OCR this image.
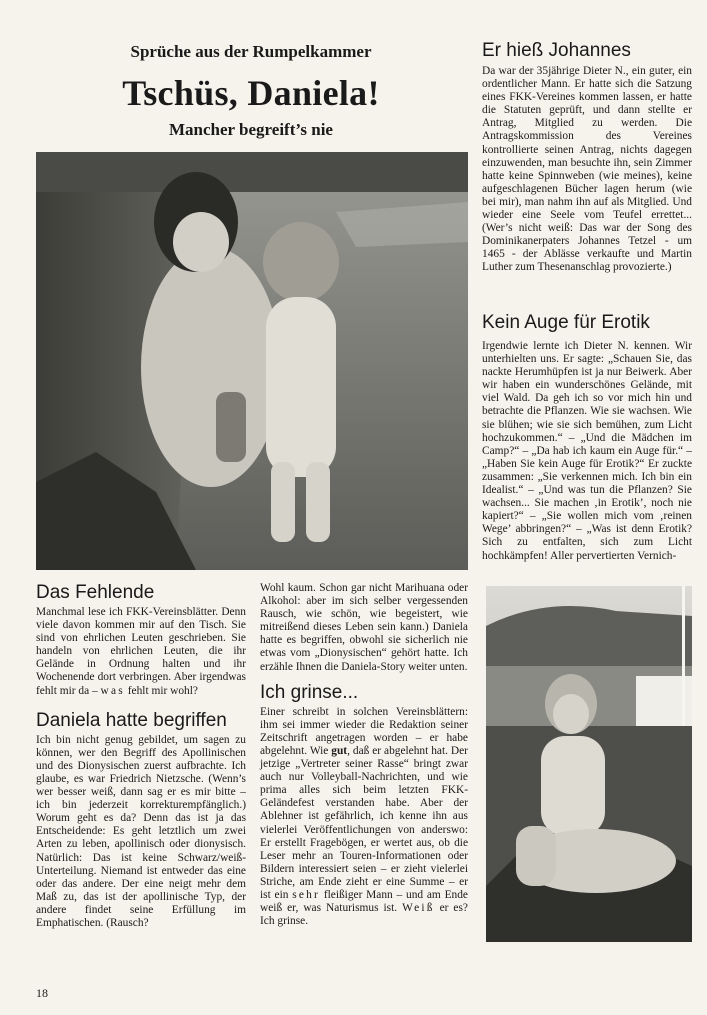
Sprüche aus der Rumpelkammer
Tschüs, Daniela!
Mancher begreift’s nie
Er hieß Johannes

Da war der 35jährige Dieter N., ein guter, ein ordentlicher Mann. Er hatte sich die Satzung eines FKK-Vereines kommen lassen, er hatte die Statuten geprüft, und dann stellte er Antrag, Mitglied zu werden. Die Antragskommission des Vereines kontrollierte seinen Antrag, nichts dagegen einzuwenden, man besuchte ihn, sein Zimmer hatte keine Spinnweben (wie meines), keine aufgeschlagenen Bücher lagen herum (wie bei mir), man nahm ihn auf als Mitglied. Und wieder eine Seele vom Teufel errettet... (Wer’s nicht weiß: Das war der Song des Dominikanerpaters Johannes Tetzel - um 1465 - der Ablässe verkaufte und Martin Luther zum Thesenanschlag provozierte.)

Kein Auge für Erotik

Irgendwie lernte ich Dieter N. kennen. Wir unterhielten uns. Er sagte: „Schauen Sie, das nackte Herumhüpfen ist ja nur Beiwerk. Aber wir haben ein wunderschönes Gelände, mit viel Wald. Da geh ich so vor mich hin und betrachte die Pflanzen. Wie sie wachsen. Wie sie blühen; wie sie sich bemühen, zum Licht hochzukommen.“ – „Und die Mädchen im Camp?“ – „Da hab ich kaum ein Auge für.“ – „Haben Sie kein Auge für Erotik?“ Er zuckte zusammen: „Sie verkennen mich. Ich bin ein Idealist.“ – „Und was tun die Pflanzen? Sie wachsen... Sie machen ‚in Erotik’, noch nie kapiert?“ – „Sie wollen mich vom ‚reinen Wege’ abbringen?“ – „Was ist denn Erotik? Sich zu entfalten, sich zum Licht hochkämpfen! Aller pervertierten Vernich-

Das Fehlende

Manchmal lese ich FKK-Vereinsblätter. Denn viele davon kommen mir auf den Tisch. Sie sind von ehrlichen Leuten geschrieben. Sie handeln von ehrlichen Leuten, die ihr Gelände in Ordnung halten und ihr Wochenende dort verbringen. Aber irgendwas fehlt mir da – was fehlt mir wohl?

Daniela hatte begriffen

Ich bin nicht genug gebildet, um sagen zu können, wer den Begriff des Apollinischen und des Dionysischen zuerst aufbrachte. Ich glaube, es war Friedrich Nietzsche. (Wenn’s wer besser weiß, dann sag er es mir bitte – ich bin jederzeit korrekturempfänglich.) Worum geht es da? Denn das ist ja das Entscheidende: Es geht letztlich um zwei Arten zu leben, apollinisch oder dionysisch. Natürlich: Das ist keine Schwarz/weiß-Unterteilung. Niemand ist entweder das eine oder das andere. Der eine neigt mehr dem Maß zu, das ist der apollinische Typ, der andere findet seine Erfüllung im Emphatischen. (Rausch?

Wohl kaum. Schon gar nicht Marihuana oder Alkohol: aber im sich selber vergessenden Rausch, wie schön, wie begeistert, wie mitreißend dieses Leben sein kann.) Daniela hatte es begriffen, obwohl sie sicherlich nie etwas vom „Dionysischen“ gehört hatte. Ich erzähle Ihnen die Daniela-Story weiter unten.

Ich grinse...

Einer schreibt in solchen Vereinsblättern: ihm sei immer wieder die Redaktion seiner Zeitschrift angetragen worden – er habe abgelehnt. Wie gut, daß er abgelehnt hat. Der jetzige „Vertreter seiner Rasse“ bringt zwar auch nur Volleyball-Nachrichten, und wie prima alles sich beim letzten FKK-Geländefest verstanden habe. Aber der Ablehner ist gefährlich, ich kenne ihn aus vielerlei Veröffentlichungen von anderswo: Er erstellt Fragebögen, er wertet aus, ob die Leser mehr an Touren-Informationen oder Bildern interessiert seien – er zieht vielerlei Striche, am Ende zieht er eine Summe – er ist ein sehr fleißiger Mann – und am Ende weiß er, was Naturismus ist. Weiß er es? Ich grinse.

18
